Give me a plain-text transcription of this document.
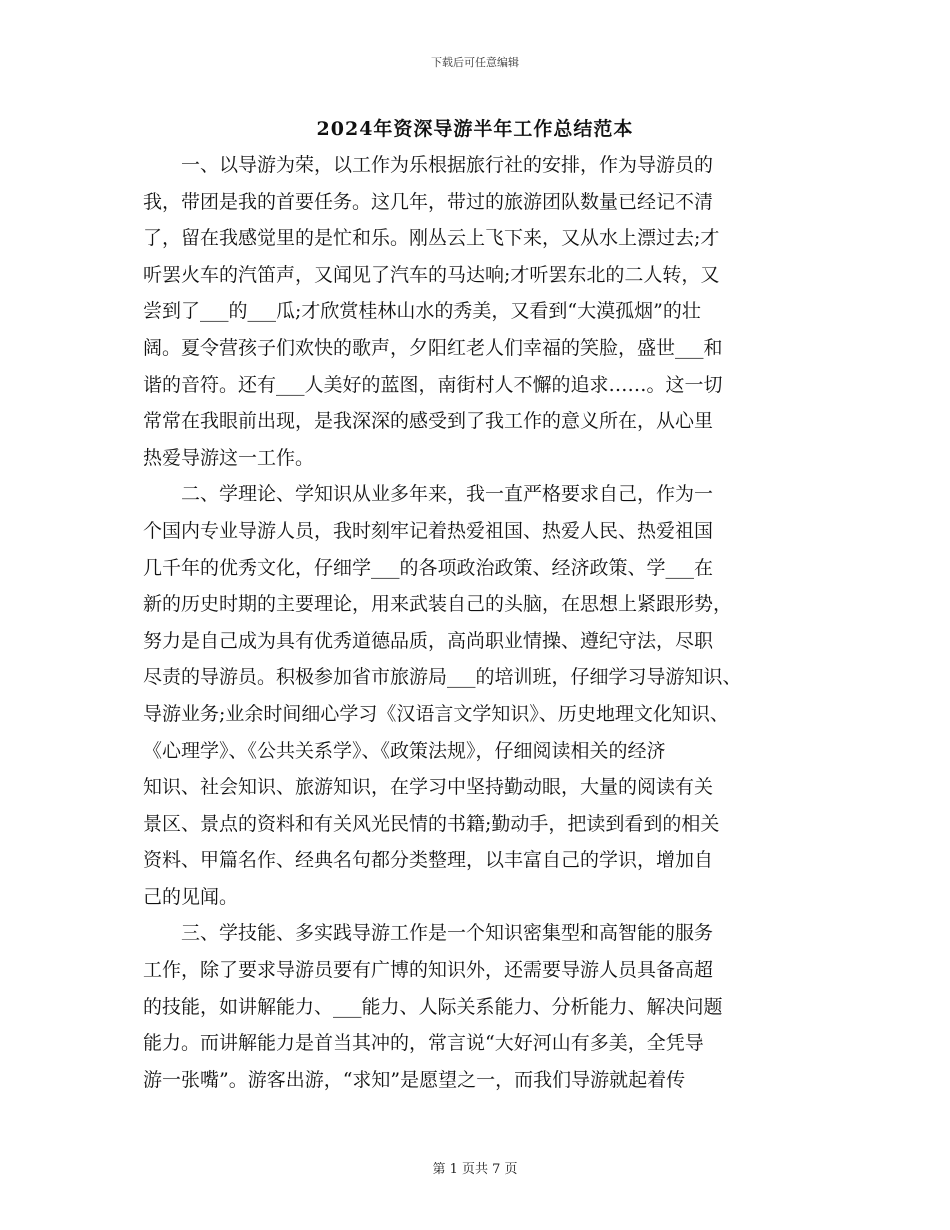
下载后可任意编辑
2024年资深导游半年工作总结范本
　　一、以导游为荣，以工作为乐根据旅行社的安排，作为导游员的
我，带团是我的首要任务。这几年，带过的旅游团队数量已经记不清
了，留在我感觉里的是忙和乐。刚丛云上飞下来，又从水上漂过去;才
听罢火车的汽笛声，又闻见了汽车的马达响;才听罢东北的二人转，又
尝到了___的___瓜;才欣赏桂林山水的秀美，又看到“大漠孤烟”的壮
阔。夏令营孩子们欢快的歌声，夕阳红老人们幸福的笑脸，盛世___和
谐的音符。还有___人美好的蓝图，南街村人不懈的追求……。这一切
常常在我眼前出现，是我深深的感受到了我工作的意义所在，从心里
热爱导游这一工作。
　　二、学理论、学知识从业多年来，我一直严格要求自己，作为一
个国内专业导游人员，我时刻牢记着热爱祖国、热爱人民、热爱祖国
几千年的优秀文化，仔细学___的各项政治政策、经济政策、学___在
新的历史时期的主要理论，用来武装自己的头脑，在思想上紧跟形势，
努力是自己成为具有优秀道德品质，高尚职业情操、遵纪守法，尽职
尽责的导游员。积极参加省市旅游局___的培训班，仔细学习导游知识、
导游业务;业余时间细心学习《汉语言文学知识》、历史地理文化知识、
《心理学》、《公共关系学》、《政策法规》，仔细阅读相关的经济
知识、社会知识、旅游知识，在学习中坚持勤动眼，大量的阅读有关
景区、景点的资料和有关风光民情的书籍;勤动手，把读到看到的相关
资料、甲篇名作、经典名句都分类整理，以丰富自己的学识，增加自
己的见闻。
　　三、学技能、多实践导游工作是一个知识密集型和高智能的服务
工作，除了要求导游员要有广博的知识外，还需要导游人员具备高超
的技能，如讲解能力、___能力、人际关系能力、分析能力、解决问题
能力。而讲解能力是首当其冲的，常言说“大好河山有多美，全凭导
游一张嘴”。游客出游，“求知”是愿望之一，而我们导游就起着传
第 1 页共 7 页
